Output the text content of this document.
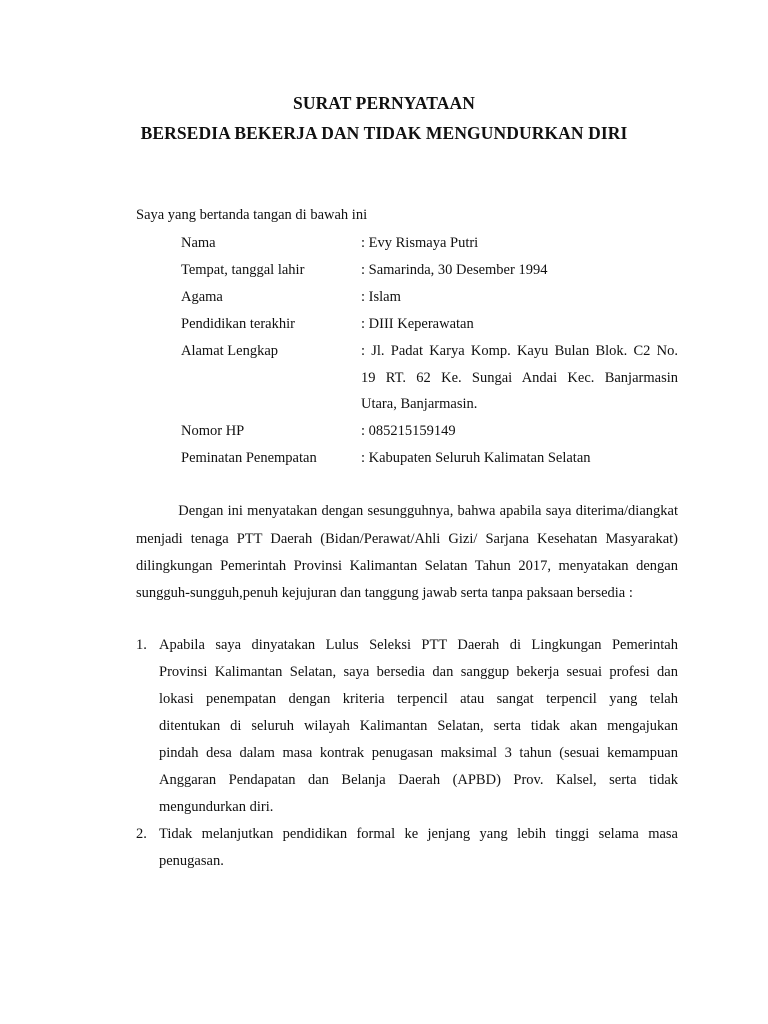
SURAT PERNYATAAN
BERSEDIA BEKERJA DAN TIDAK MENGUNDURKAN DIRI
Saya yang bertanda tangan di bawah ini
Nama	: Evy Rismaya Putri
Tempat, tanggal lahir	: Samarinda, 30 Desember 1994
Agama	: Islam
Pendidikan terakhir	: DIII Keperawatan
Alamat Lengkap	: Jl. Padat Karya Komp. Kayu Bulan Blok. C2 No.
19 RT. 62 Ke. Sungai Andai Kec. Banjarmasin
Utara, Banjarmasin.
Nomor HP	: 085215159149
Peminatan Penempatan	: Kabupaten Seluruh Kalimatan Selatan
Dengan ini menyatakan dengan sesungguhnya, bahwa apabila saya diterima/diangkat
menjadi tenaga PTT Daerah (Bidan/Perawat/Ahli Gizi/ Sarjana Kesehatan Masyarakat)
dilingkungan Pemerintah Provinsi Kalimantan Selatan Tahun 2017, menyatakan dengan
sungguh-sungguh,penuh kejujuran dan tanggung jawab serta tanpa paksaan bersedia :
1. Apabila saya dinyatakan Lulus Seleksi PTT Daerah di Lingkungan Pemerintah
Provinsi Kalimantan Selatan, saya bersedia dan sanggup bekerja sesuai profesi dan
lokasi penempatan dengan kriteria terpencil atau sangat terpencil yang telah
ditentukan di seluruh wilayah Kalimantan Selatan, serta tidak akan mengajukan
pindah desa dalam masa kontrak penugasan maksimal 3 tahun (sesuai kemampuan
Anggaran Pendapatan dan Belanja Daerah (APBD) Prov. Kalsel, serta tidak
mengundurkan diri.
2. Tidak melanjutkan pendidikan formal ke jenjang yang lebih tinggi selama masa
penugasan.
